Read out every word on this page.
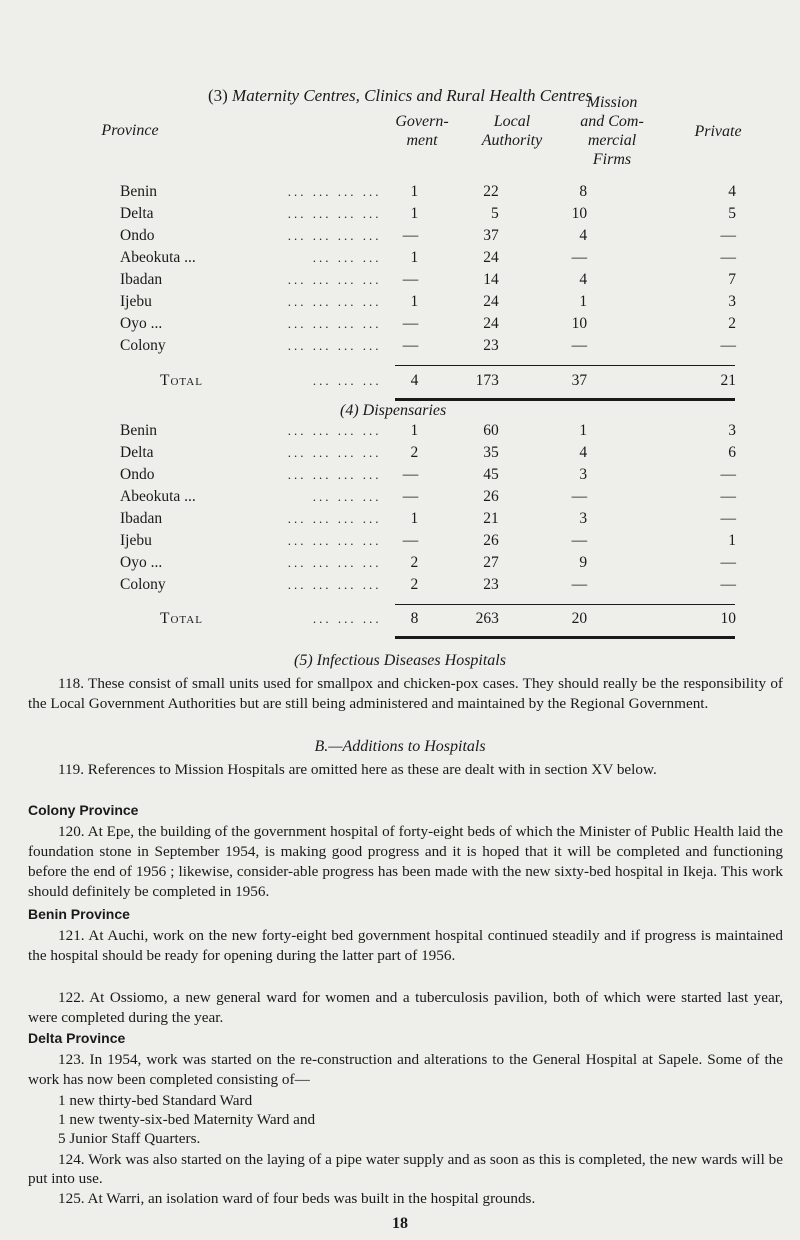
(3) Maternity Centres, Clinics and Rural Health Centres
Province
Govern-
ment
Local
Authority
Mission
and Com-
mercial
Firms
Private
Benin	... ... ... ...	1	22	8	4
Delta	... ... ... ...	1	5	10	5
Ondo	... ... ... ...	—	37	4	—
Abeokuta ...	... ... ...	1	24	—	—
Ibadan	... ... ... ...	—	14	4	7
Ijebu	... ... ... ...	1	24	1	3
Oyo ...	... ... ... ...	—	24	10	2
Colony	... ... ... ...	—	23	—	—
Total	... ... ...	4	173	37	21
(4) Dispensaries
Benin	... ... ... ...	1	60	1	3
Delta	... ... ... ...	2	35	4	6
Ondo	... ... ... ...	—	45	3	—
Abeokuta ...	... ... ...	—	26	—	—
Ibadan	... ... ... ...	1	21	3	—
Ijebu	... ... ... ...	—	26	—	1
Oyo ...	... ... ... ...	2	27	9	—
Colony	... ... ... ...	2	23	—	—
Total	... ... ...	8	263	20	10
(5) Infectious Diseases Hospitals
118. These consist of small units used for smallpox and chicken-pox cases. They should really be the responsibility of the Local Government Authorities but are still being administered and maintained by the Regional Government.
B.—Additions to Hospitals
119. References to Mission Hospitals are omitted here as these are dealt with in section XV below.
Colony Province
120. At Epe, the building of the government hospital of forty-eight beds of which the Minister of Public Health laid the foundation stone in September 1954, is making good progress and it is hoped that it will be completed and functioning before the end of 1956 ; likewise, consider-able progress has been made with the new sixty-bed hospital in Ikeja. This work should definitely be completed in 1956.
Benin Province
121. At Auchi, work on the new forty-eight bed government hospital continued steadily and if progress is maintained the hospital should be ready for opening during the latter part of 1956.
122. At Ossiomo, a new general ward for women and a tuberculosis pavilion, both of which were started last year, were completed during the year.
Delta Province
123. In 1954, work was started on the re-construction and alterations to the General Hospital at Sapele. Some of the work has now been completed consisting of—
1 new thirty-bed Standard Ward
1 new twenty-six-bed Maternity Ward and
5 Junior Staff Quarters.
18
124. Work was also started on the laying of a pipe water supply and as soon as this is completed, the new wards will be put into use.
125. At Warri, an isolation ward of four beds was built in the hospital grounds.
